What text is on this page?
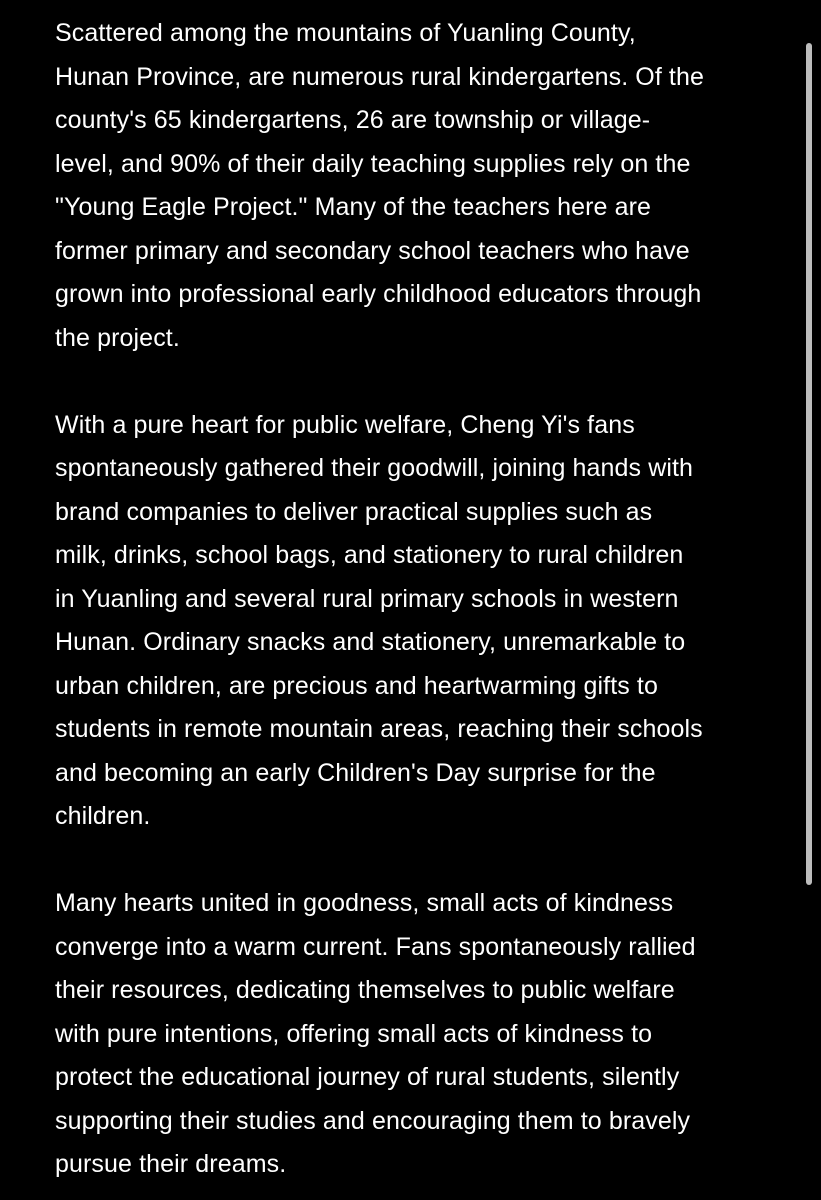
Scattered among the mountains of Yuanling County,
Hunan Province, are numerous rural kindergartens. Of the
county's 65 kindergartens, 26 are township or village-
level, and 90% of their daily teaching supplies rely on the
"Young Eagle Project." Many of the teachers here are
former primary and secondary school teachers who have
grown into professional early childhood educators through
the project.

With a pure heart for public welfare, Cheng Yi's fans
spontaneously gathered their goodwill, joining hands with
brand companies to deliver practical supplies such as
milk, drinks, school bags, and stationery to rural children
in Yuanling and several rural primary schools in western
Hunan. Ordinary snacks and stationery, unremarkable to
urban children, are precious and heartwarming gifts to
students in remote mountain areas, reaching their schools
and becoming an early Children's Day surprise for the
children.

Many hearts united in goodness, small acts of kindness
converge into a warm current. Fans spontaneously rallied
their resources, dedicating themselves to public welfare
with pure intentions, offering small acts of kindness to
protect the educational journey of rural students, silently
supporting their studies and encouraging them to bravely
pursue their dreams.
